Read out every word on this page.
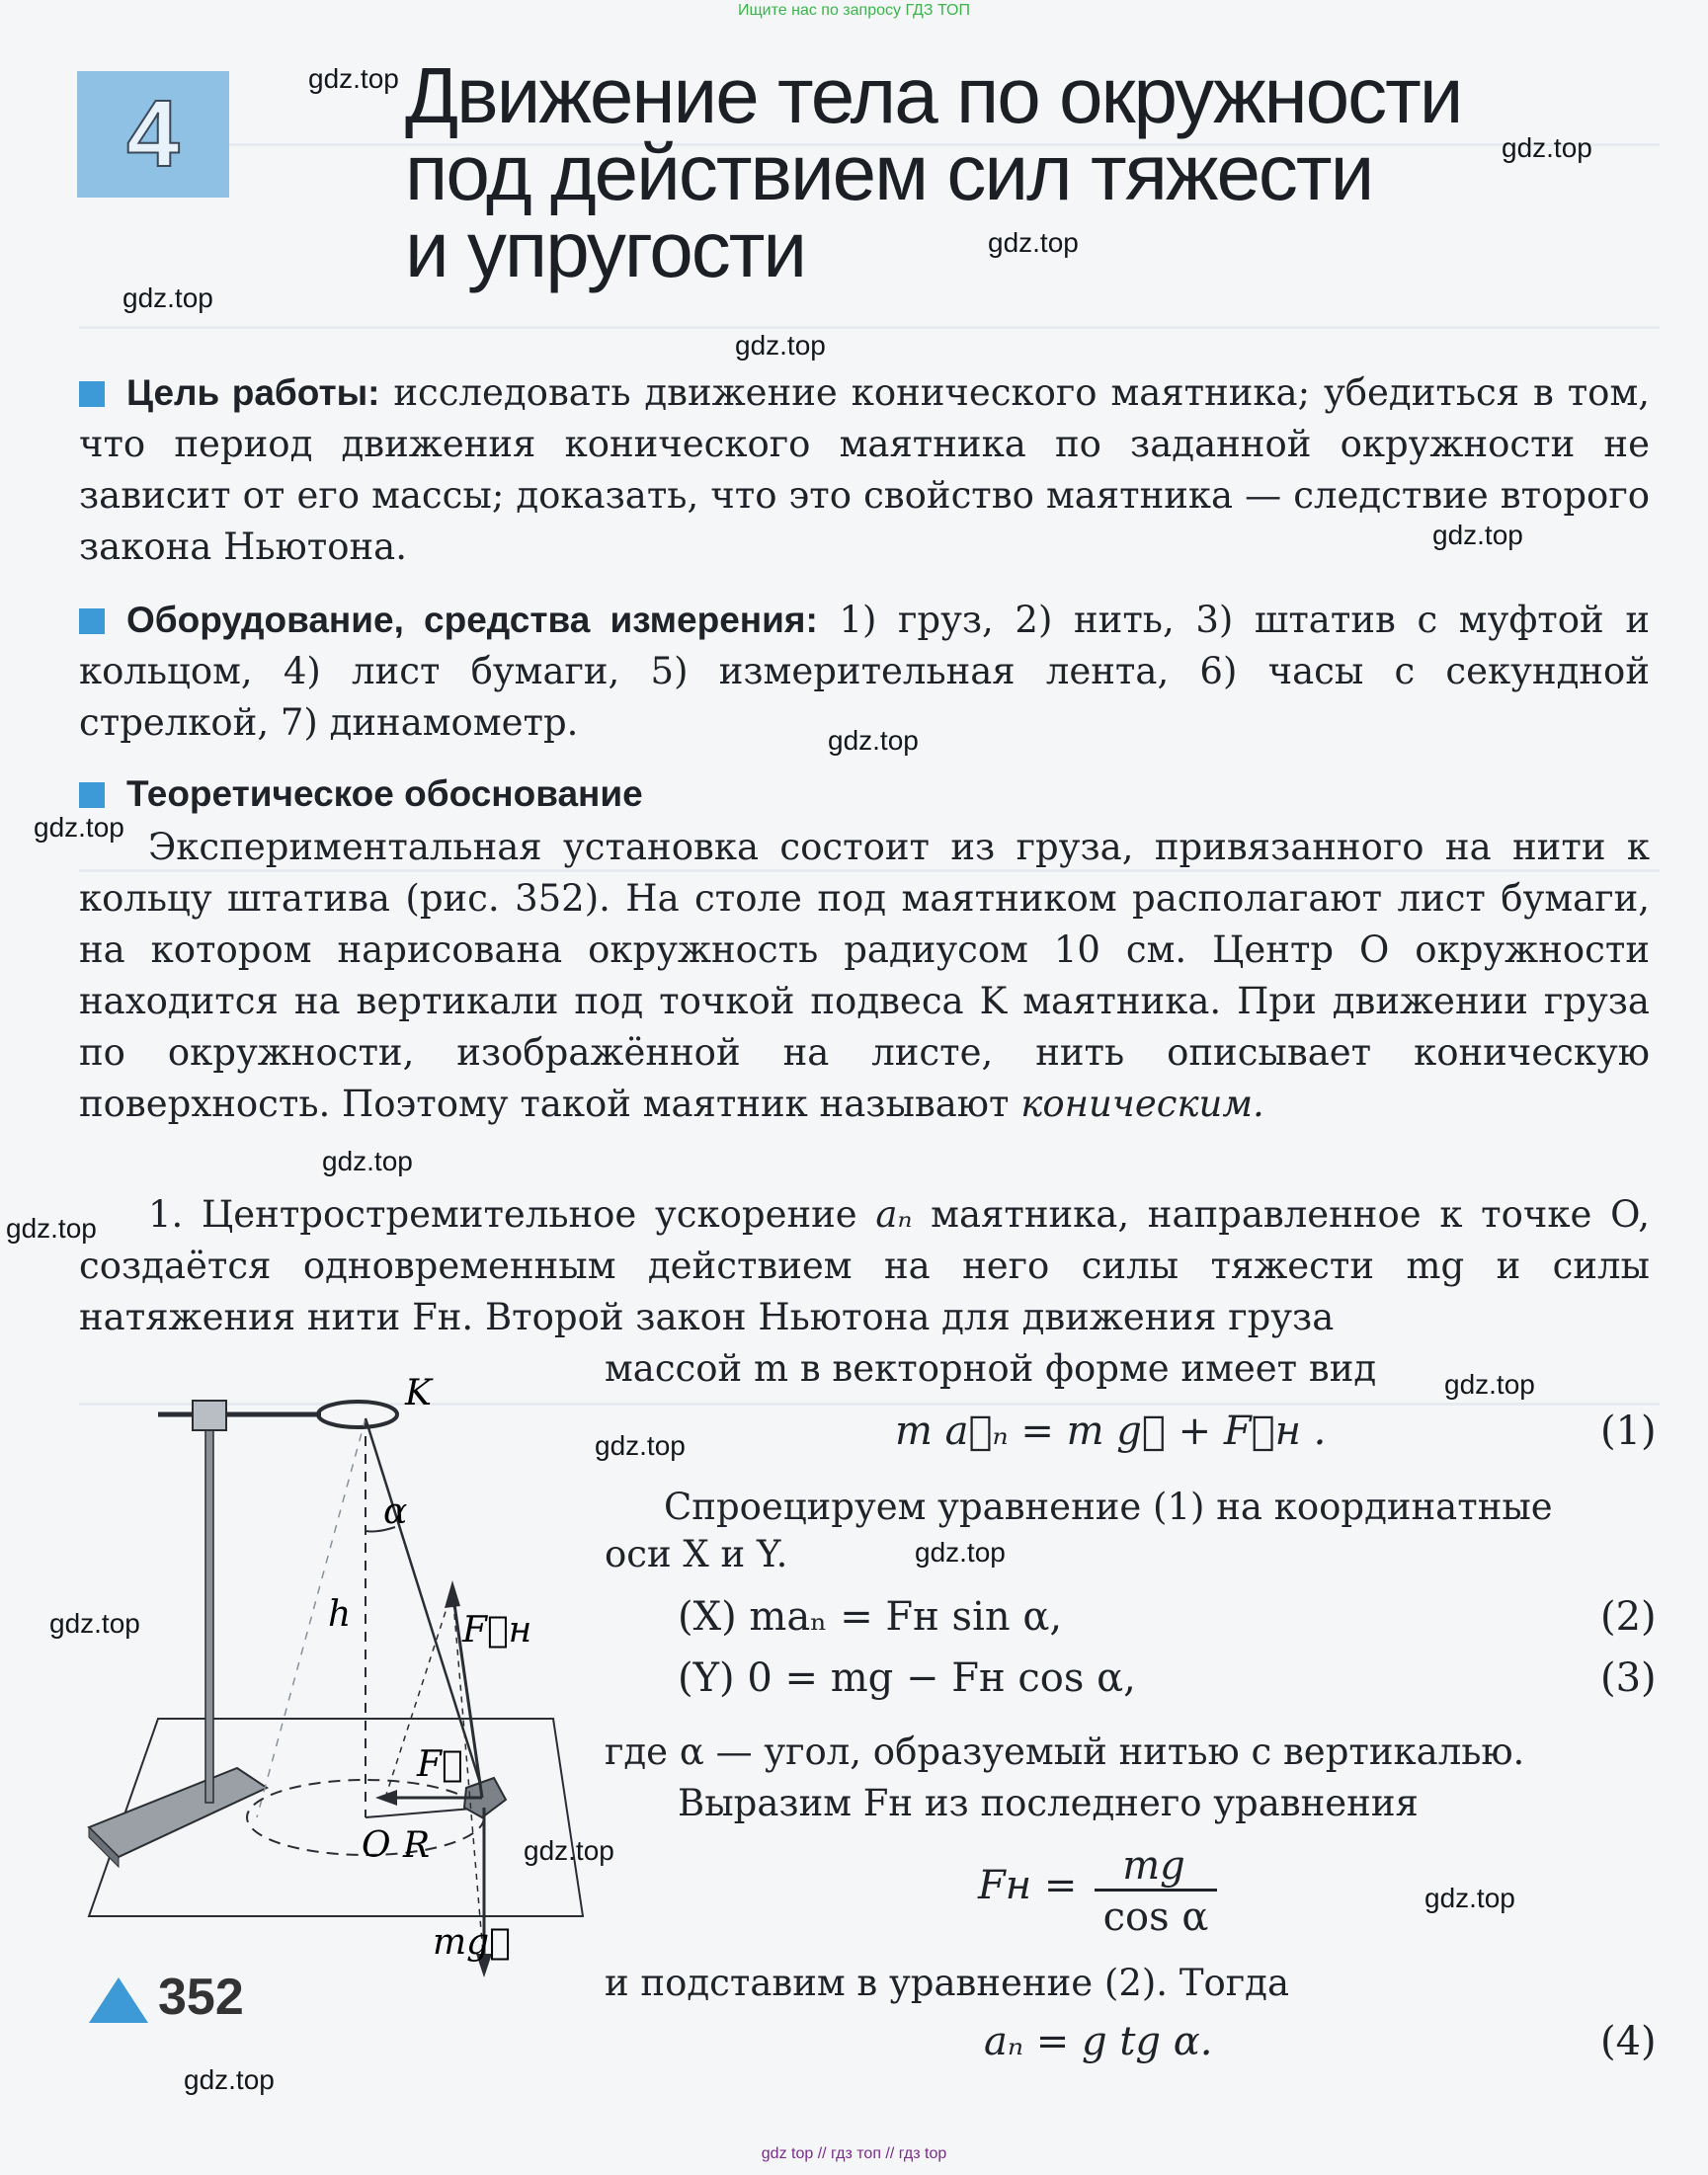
Ищите нас по запросу ГДЗ ТОП
gdz top // гдз топ // гдз top
4	Движение тела по окружности
под действием сил тяжести
и упругости
Цель работы: исследовать движение конического маятника; убедиться в том, что период движения конического маятника по заданной окружности не зависит от его массы; доказать, что это свойство маятника — следствие второго закона Ньютона.
Оборудование, средства измерения: 1) груз, 2) нить, 3) штатив с муфтой и кольцом, 4) лист бумаги, 5) измерительная лента, 6) часы с секундной стрелкой, 7) динамометр.
Теоретическое обоснование
Экспериментальная установка состоит из груза, привязанного на нити к кольцу штатива (рис. 352). На столе под маятником располагают лист бумаги, на котором нарисована окружность радиусом 10 см. Центр O окружности находится на вертикали под точкой подвеса K маятника. При движении груза по окружности, изображённой на листе, нить описывает коническую поверхность. Поэтому такой маятник называют коническим.
1. Центростремительное ускорение aₙ маятника, направленное к точке O, создаётся одновременным действием на него силы тяжести mg и силы натяжения нити Fн. Второй закон Ньютона для движения груза
массой m в векторной форме имеет вид
m a⃗ₙ = m g⃗ + F⃗н .	(1)
Спроецируем уравнение (1) на координатные
оси X и Y.
(X) maₙ = Fн sin α,	(2)
(Y) 0 = mg − Fн cos α,	(3)
где α — угол, образуемый нитью с вертикалью.
Выразим Fн из последнего уравнения
Fн =	mg
cos α
и подставим в уравнение (2). Тогда
aₙ = g tg α.	(4)
K
α
h	F⃗н
F⃗
O R
mg⃗
352
gdz.top
gdz.top
gdz.top
gdz.top
gdz.top
gdz.top
gdz.top
gdz.top
gdz.top
gdz.top
gdz.top
gdz.top
gdz.top
gdz.top
gdz.top
gdz.top
gdz.top
